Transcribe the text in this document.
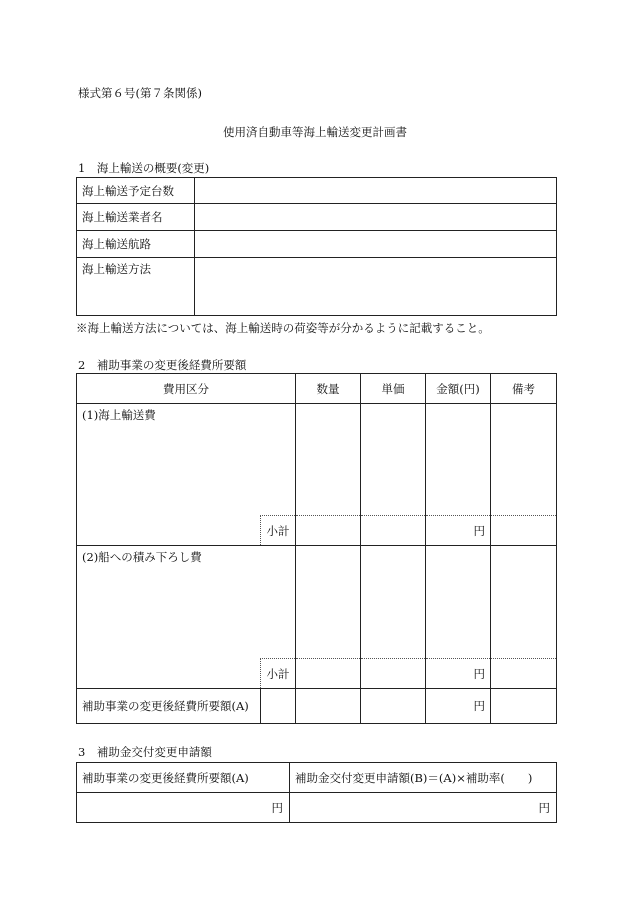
様式第６号(第７条関係)
使用済自動車等海上輸送変更計画書
1　海上輸送の概要(変更)
海上輸送予定台数	
海上輸送業者名	
海上輸送航路	
海上輸送方法	
※海上輸送方法については、海上輸送時の荷姿等が分かるように記載すること。
2　補助事業の変更後経費所要額
費用区分		数量	単価	金額(円)	備考
(1)海上輸送費					
	小計			円	
(2)船への積み下ろし費					
	小計			円	
補助事業の変更後経費所要額(A)				円	
3　補助金交付変更申請額
補助事業の変更後経費所要額(A)	補助金交付変更申請額(B)＝(A)×補助率(　　)
円	円
